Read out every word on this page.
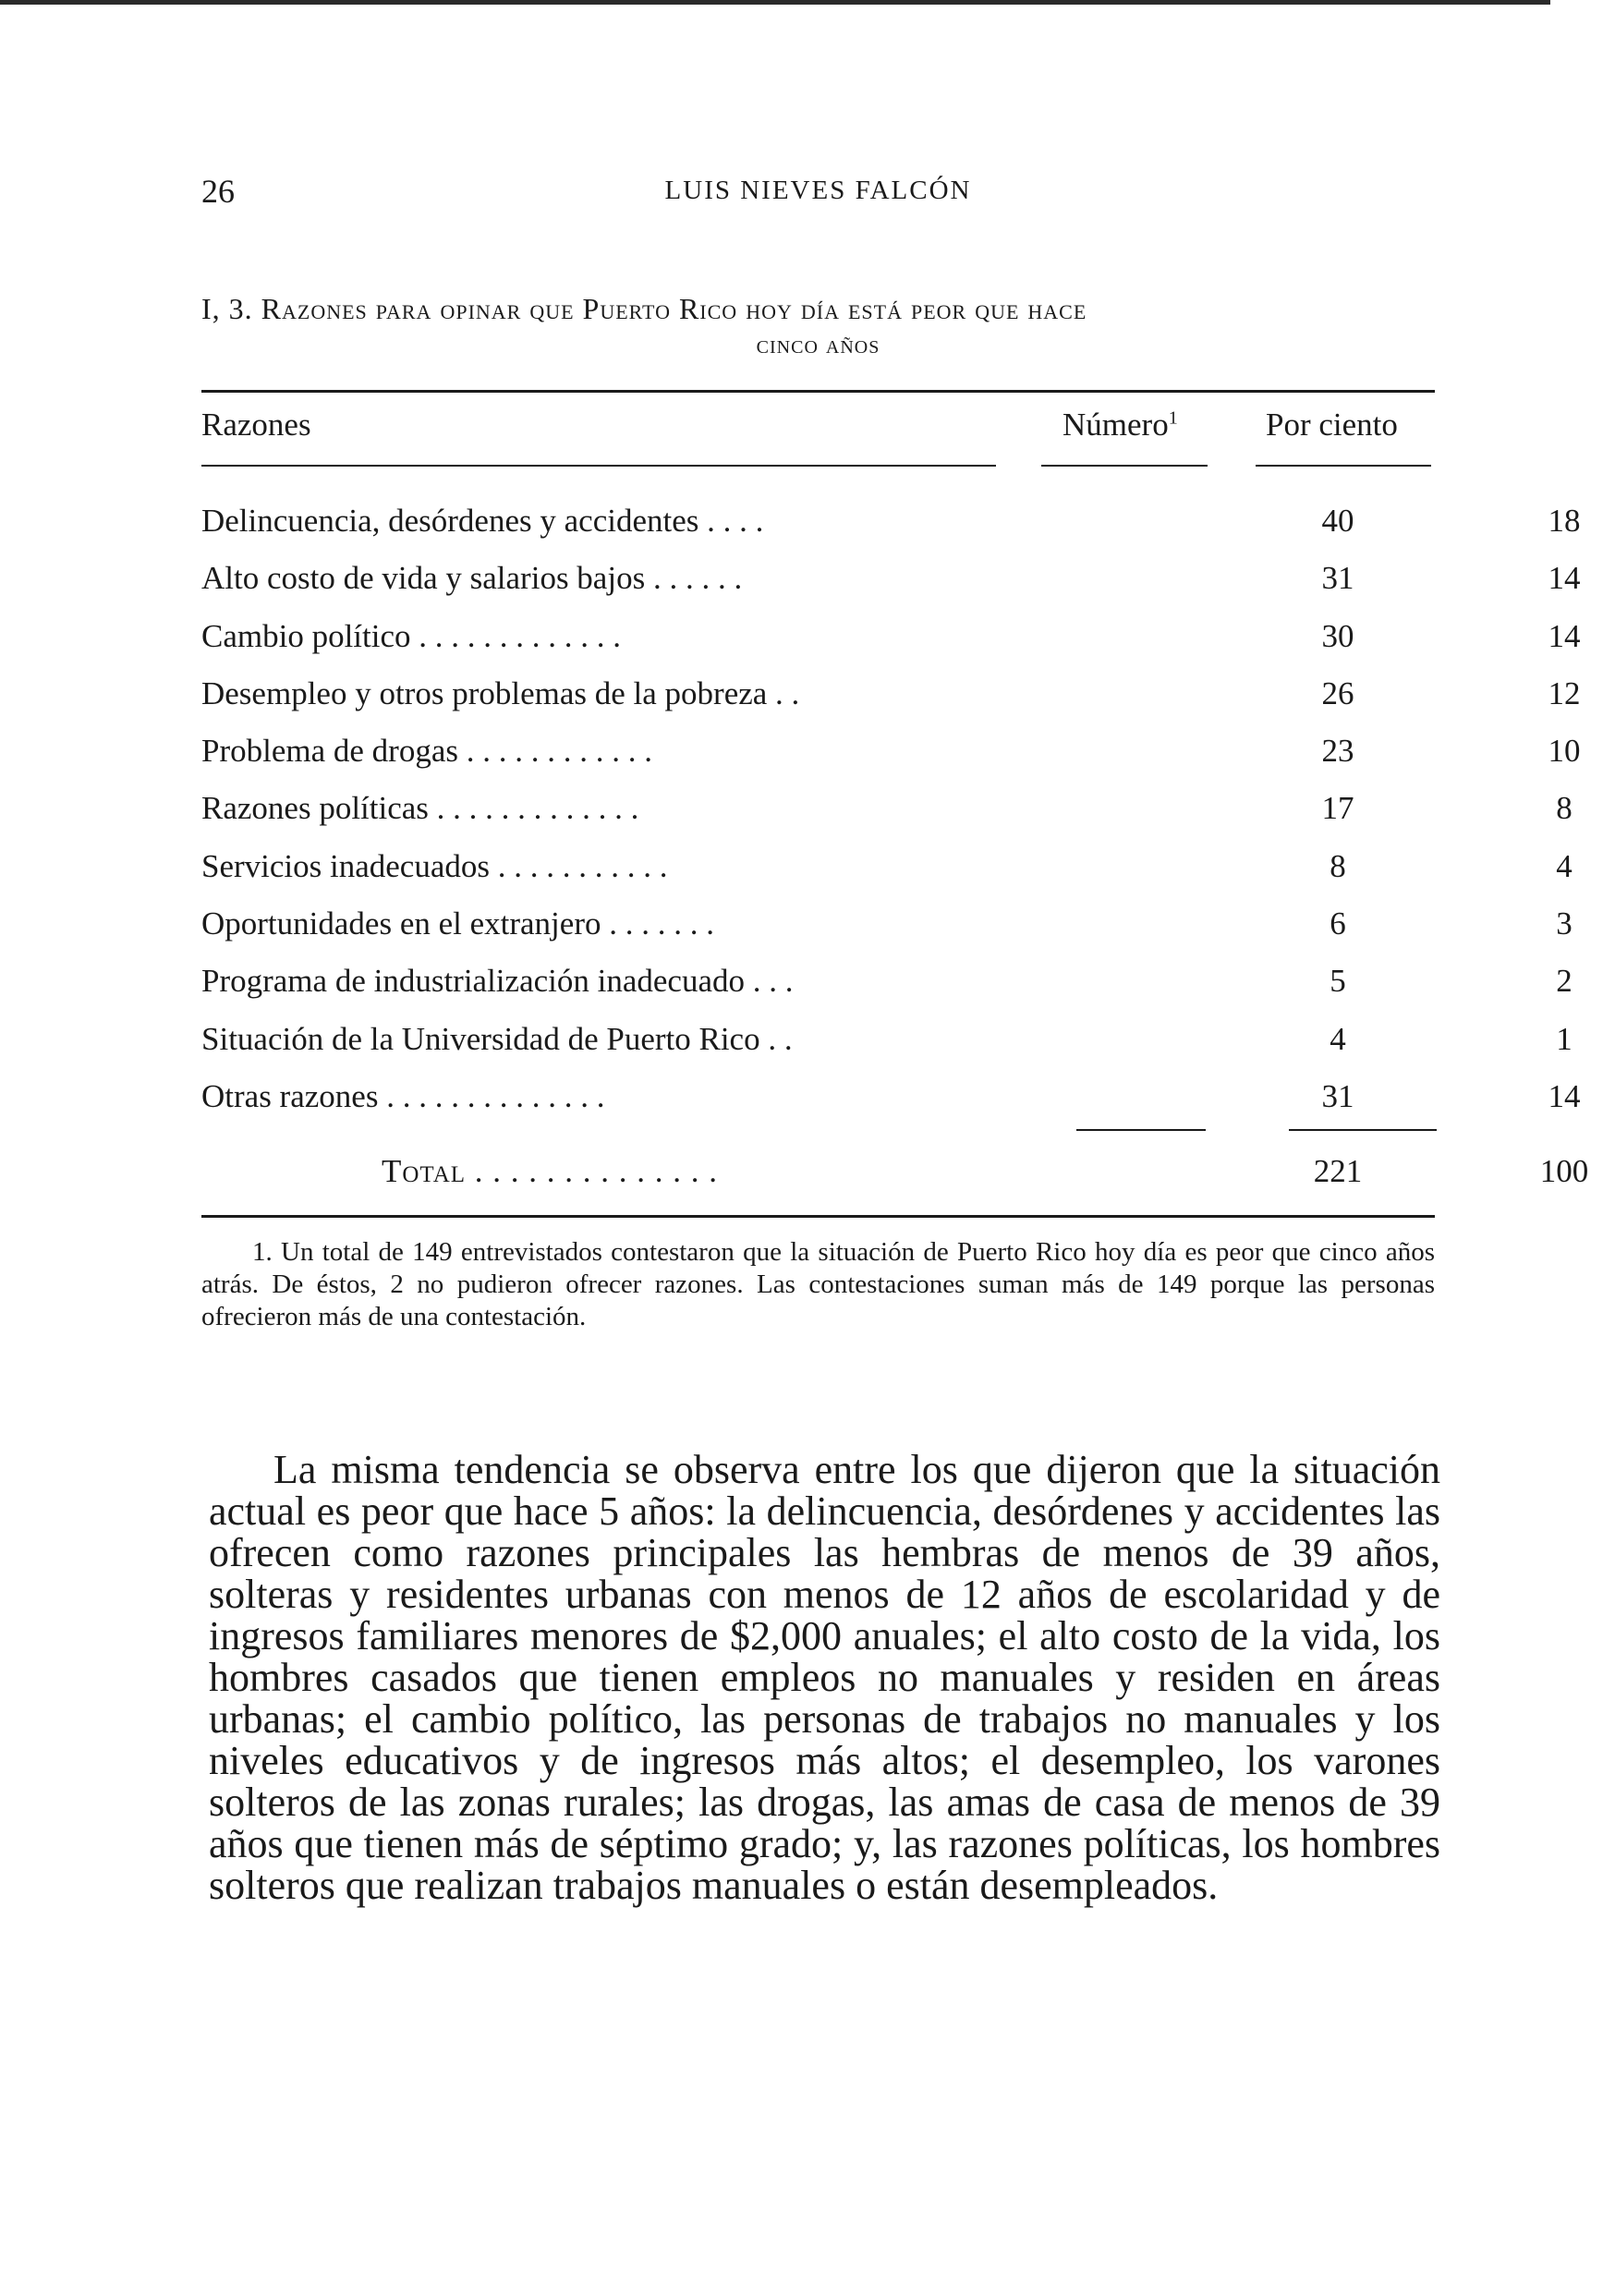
26	LUIS NIEVES FALCÓN
I, 3. Razones para opinar que Puerto Rico hoy día está peor que hace
cinco años
Razones	Número$^1$	Por ciento
Delincuencia, desórdenes y accidentes . . . .	40	18
Alto costo de vida y salarios bajos . . . . . .	31	14
Cambio político . . . . . . . . . . . . .	30	14
Desempleo y otros problemas de la pobreza . .	26	12
Problema de drogas . . . . . . . . . . . .	23	10
Razones políticas . . . . . . . . . . . . .	17	8
Servicios inadecuados . . . . . . . . . . .	8	4
Oportunidades en el extranjero . . . . . . .	6	3
Programa de industrialización inadecuado . . .	5	2
Situación de la Universidad de Puerto Rico . .	4	1
Otras razones . . . . . . . . . . . . . .	31	14
Total . . . . . . . . . . . . . .	221	100
1. Un total de 149 entrevistados contestaron que la situación de Puerto Rico hoy día es peor que cinco años atrás. De éstos, 2 no pudieron ofrecer razones. Las contestaciones suman más de 149 porque las personas ofrecieron más de una contestación.
La misma tendencia se observa entre los que dijeron que la situación actual es peor que hace 5 años: la delincuencia, desórdenes y accidentes las ofrecen como razones principales las hembras de menos de 39 años, solteras y residentes urbanas con menos de 12 años de escolaridad y de ingresos familiares menores de $2,000 anuales; el alto costo de la vida, los hombres casados que tienen empleos no manuales y residen en áreas urbanas; el cambio político, las personas de trabajos no manuales y los niveles educativos y de ingresos más altos; el desempleo, los varones solteros de las zonas rurales; las drogas, las amas de casa de menos de 39 años que tienen más de séptimo grado; y, las razones políticas, los hombres solteros que realizan trabajos manuales o están desempleados.
